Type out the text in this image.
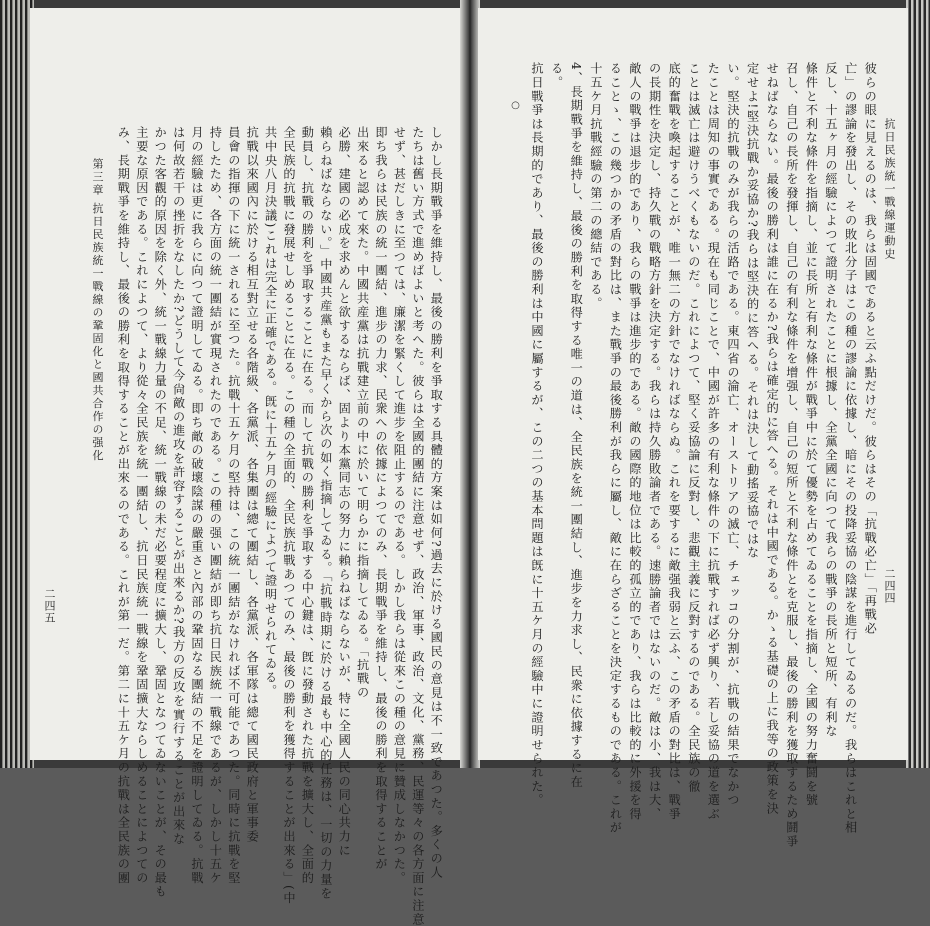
二四五
第三章 抗日民族統一戰線の鞏固化と國共合作の强化	しかし長期戰爭を維持し、最後の勝利を爭取する具體的方案は如何?過去に於ける國民の意見は不一致であつた。多くの人
たちは舊い方式で進めばよいと考へた。彼らは全國的團結に注意せず、政治、軍事、政治、文化、黨務、民運等々の各方面に注意
せず、甚だしきに至つては、廉潔を緊くして進步を阻止するのである。しかし我らは從來この種の意見に贊成しなかつた。
即ち我らは民族の統一團結、進步の力求、民衆への依據によつてのみ、長期戰爭を維持し、最後の勝利を取得することが
出來ると認めて來た。中國共産黨は抗戰建立前の中に於いて明らかに指摘してゐる。「抗戰の
必勝、建國の必成を求めんと欲するならば、固より本黨同志の努力に賴らねばならないが、特に全國人民の同心共力に
賴らねばならない。」中國共産黨もまた早くから次の如く指摘してゐる。「抗戰時期に於ける最も中心的任務は、一切の力量を
動員し、抗戰の勝利を爭取することに在る。而して抗戰の勝利を爭取する中心鍵は、旣に發動された抗戰を擴大し、全面的
全民族的抗戰に發展せしめることに在る。この種の全面的、全民族抗戰あつてのみ、最後の勝利を獲得することが出來る」(中
共中央八月決議)これは完全に正確である。旣に十五ケ月の經驗によつて證明せられてゐる。
抗戰以來國內に於ける相互對立せる各階級、各黨派、各集團は總て團結し、各黨派、各軍隊は總て國民政府と軍事委
員會の指揮の下に統一されるに至つた。抗戰十五ケ月の堅持は、この統一團結がなければ不可能であつた。同時に抗戰を堅
持したため、各方面の統一團結が實現されたのである。この種の强い團結が即ち抗日民族統一戰線であるが、しかし十五ケ
月の經驗は更に我らに向つて證明してゐる。即ち敵の破壞陰謀の嚴重さと內部の鞏固なる團結の不足を證明してゐる。抗戰
は何故若干の挫折をなしたか?どうして今尙敵の進攻を許容することが出來るか?我方の反攻を實行することが出來な
かつた客觀的原因を除く外、統一戰線力量の不足、統一戰線の未だ必要程度に擴大し、鞏固となつてゐないことが、その最も
主要な原因である。これによつて、より從々全民族を統一團結し、抗日民族統一戰線を鞏固擴大ならしめることによつての
み、長期戰爭を維持し、最後の勝利を取得することが出來るのである。これが第一だ。第二に十五ケ月の抗戰は全民族の團	抗日民族統一戰線運動史
二四四
○	彼らの眼に見えるのは、我らは固國であると云ふ點だけだ。彼らはその「抗戰必亡」「再戰必
亡」の謬論を發出し、その敗北分子はこの種の謬論に依據し、暗にその投降妥協の陰謀を進行してゐるのだ。我らはこれと相
反し、十五ヶ月の經驗によつて證明されたことに根據し、全黨全國に向つて我らの戰爭の長所と短所、有利な
條件と不利な條件を指摘し、並に長所と有利な條件が戰爭中に於て優勢を占めてゐることを指摘し、全國の努力奮鬪を號
召し、自己の長所を發揮し、自己の有利な條件を增强し、自己の短所と不利な條件とを克服し、最後の勝利を獲取するため鬪爭
せねばならない。最後の勝利は誰に在るか?我らは確定的に答へる。それは中國である。かゝる基礎の上に我等の政策を決
定せよ!堅決抗戰か妥協か?我らは堅決的に答へる。それは決して動搖妥協ではな
い。堅決的抗戰のみが我らの活路である。東四省の淪亡、オーストリアの滅亡、チェッコの分割が、抗戰の結果でなかつ
たことは周知の事實である。現在も同じことで、中國が許多の有利な條件の下に抗戰すれば必ず興り、若し妥協の道を選ぶ
ことは滅亡は避けうべくもないのだ。これによつて、堅く妥協論に反對し、悲觀主義に反對するのである。全民族の徹
底的奮戰を喚起することが、唯一無二の方針でなければならぬ。これを要するに敵强我弱と云ふ、この矛盾の對比は、戰爭
の長期性を決定し、持久戰の戰略方針を決定する。我らは持久勝敗論者である。速勝論者ではないのだ。敵は小、我は大、
敵人の戰爭は退步的であり、我らの戰爭は進步的である。敵の國際的地位は比較的孤立的であり、我らは比較的に外援を得
ることゝ、この幾つかの矛盾の對比は、また戰爭の最後勝利が我らに屬し、敵に在らざることを決定するものである。これが
十五ケ月抗戰經驗の第二の總結である。
4、長期戰爭を維持し、最後の勝利を取得する唯一の道は、全民族を統一團結し、進步を力求し、民衆に依據するに在
る。
抗日戰爭は長期的であり、最後の勝利は中國に屬するが、この二つの基本問題は旣に十五ケ月の經驗中に證明せられた。
